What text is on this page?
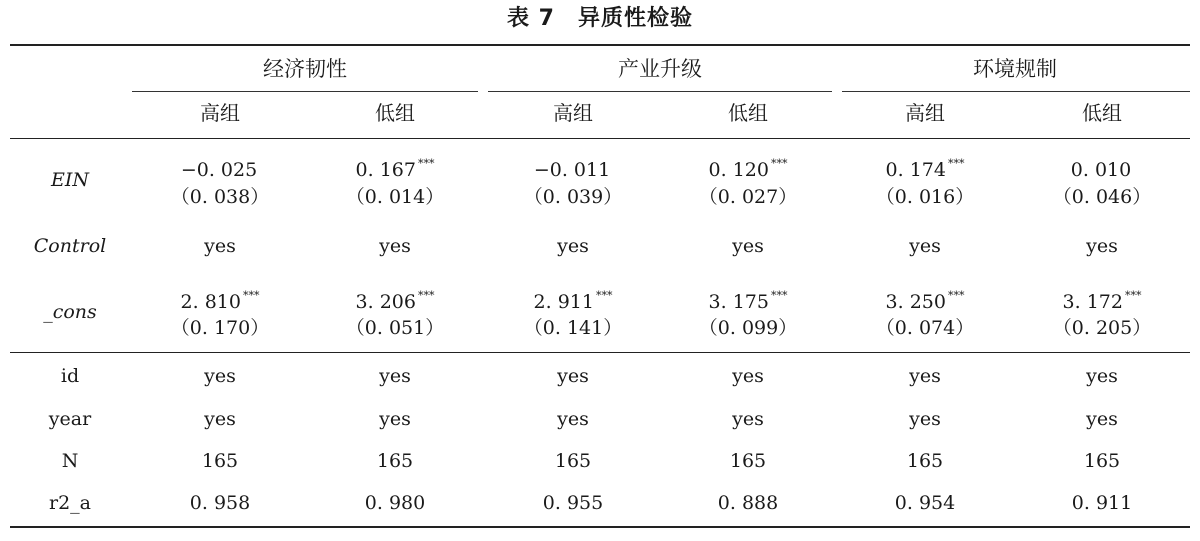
表 7　异质性检验
经济韧性	产业升级	环境规制
高组	低组	高组	低组	高组	低组
EIN	−0. 025	0. 167 ***	−0. 011	0. 120 ***	0. 174 ***	0. 010
（0. 038）	（0. 014）	（0. 039）	（0. 027）	（0. 016）	（0. 046）
Control	yes	yes	yes	yes	yes	yes
_cons	2. 810 ***	3. 206 ***	2. 911 ***	3. 175 ***	3. 250 ***	3. 172 ***
（0. 170）	（0. 051）	（0. 141）	（0. 099）	（0. 074）	（0. 205）
id	yes	yes	yes	yes	yes	yes
year	yes	yes	yes	yes	yes	yes
N	165	165	165	165	165	165
r2_a	0. 958	0. 980	0. 955	0. 888	0. 954	0. 911
